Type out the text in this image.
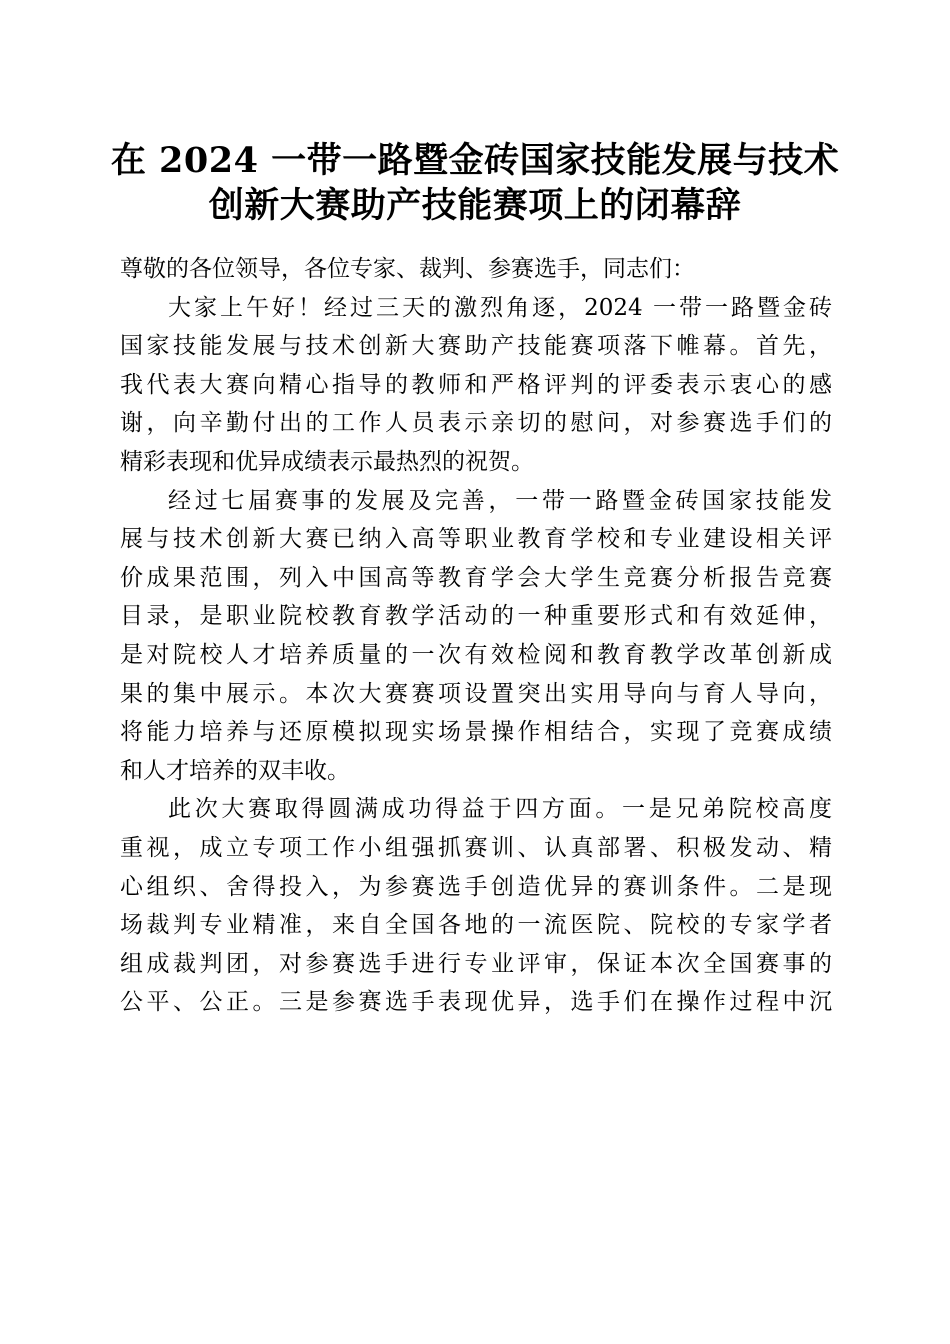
在 2024 一带一路暨金砖国家技能发展与技术
创新大赛助产技能赛项上的闭幕辞
尊敬的各位领导，各位专家、裁判、参赛选手，同志们：
大家上午好！经过三天的激烈角逐，2024 一带一路暨金砖
国家技能发展与技术创新大赛助产技能赛项落下帷幕。首先，
我代表大赛向精心指导的教师和严格评判的评委表示衷心的感
谢，向辛勤付出的工作人员表示亲切的慰问，对参赛选手们的
精彩表现和优异成绩表示最热烈的祝贺。
经过七届赛事的发展及完善，一带一路暨金砖国家技能发
展与技术创新大赛已纳入高等职业教育学校和专业建设相关评
价成果范围，列入中国高等教育学会大学生竞赛分析报告竞赛
目录，是职业院校教育教学活动的一种重要形式和有效延伸，
是对院校人才培养质量的一次有效检阅和教育教学改革创新成
果的集中展示。本次大赛赛项设置突出实用导向与育人导向，
将能力培养与还原模拟现实场景操作相结合，实现了竞赛成绩
和人才培养的双丰收。
此次大赛取得圆满成功得益于四方面。一是兄弟院校高度
重视，成立专项工作小组强抓赛训、认真部署、积极发动、精
心组织、舍得投入，为参赛选手创造优异的赛训条件。二是现
场裁判专业精准，来自全国各地的一流医院、院校的专家学者
组成裁判团，对参赛选手进行专业评审，保证本次全国赛事的
公平、公正。三是参赛选手表现优异，选手们在操作过程中沉
